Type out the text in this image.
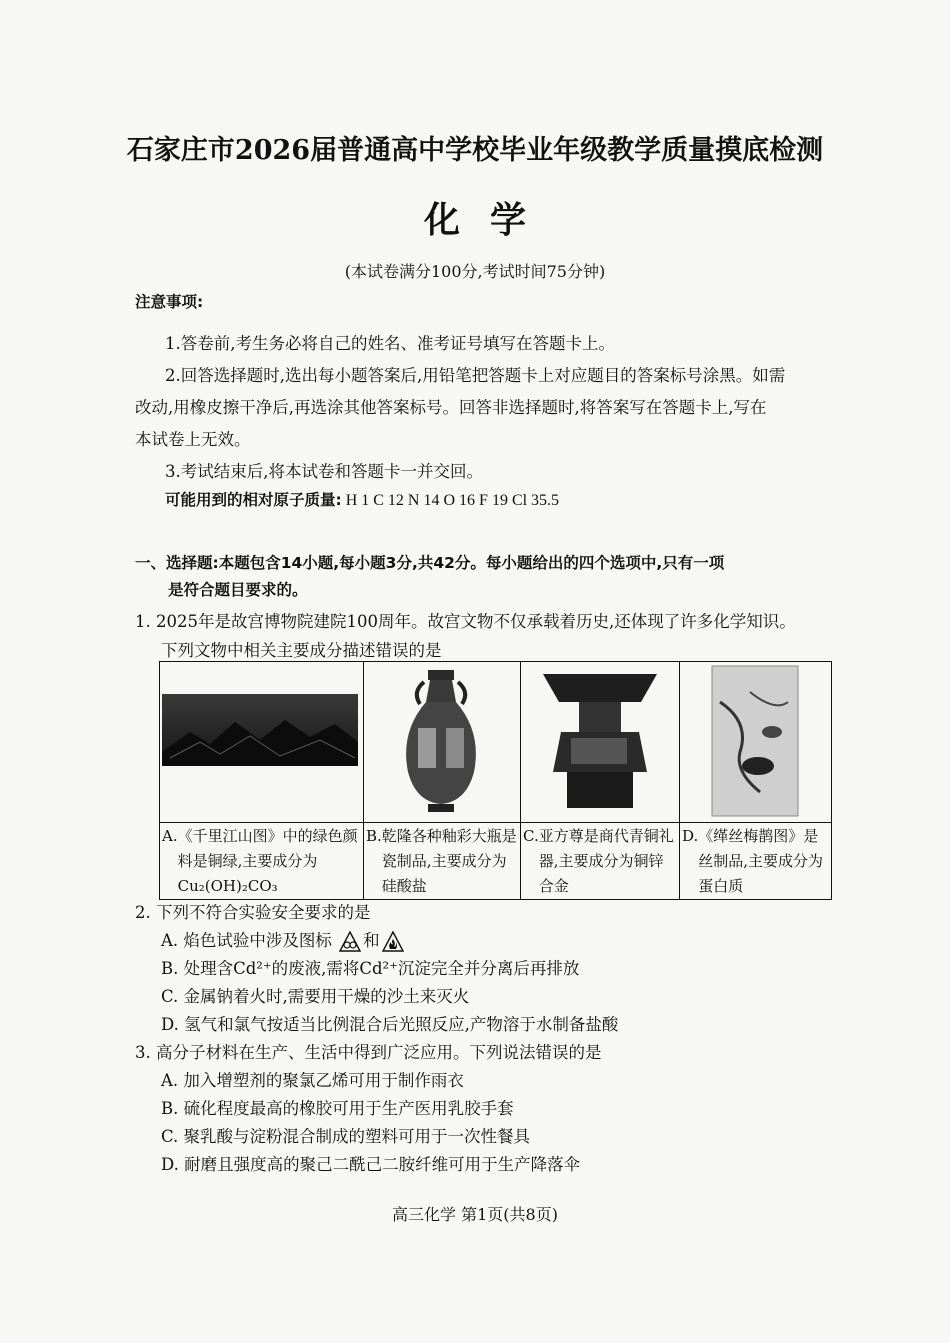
石家庄市2026届普通高中学校毕业年级教学质量摸底检测
化学
(本试卷满分100分,考试时间75分钟)
注意事项:
1.答卷前,考生务必将自己的姓名、准考证号填写在答题卡上。
2.回答选择题时,选出每小题答案后,用铅笔把答题卡上对应题目的答案标号涂黑。如需
改动,用橡皮擦干净后,再选涂其他答案标号。回答非选择题时,将答案写在答题卡上,写在
本试卷上无效。
3.考试结束后,将本试卷和答题卡一并交回。
可能用到的相对原子质量: H 1 C 12 N 14 O 16 F 19 Cl 35.5
一、选择题:本题包含14小题,每小题3分,共42分。每小题给出的四个选项中,只有一项
是符合题目要求的。
1. 2025年是故宫博物院建院100周年。故宫文物不仅承载着历史,还体现了许多化学知识。
下列文物中相关主要成分描述错误的是

A. 《千里江山图》中的绿色颜料是铜绿,主要成分为Cu₂(OH)₂CO₃	B. 乾隆各种釉彩大瓶是瓷制品,主要成分为硅酸盐	C. 亚方尊是商代青铜礼器,主要成分为铜锌合金	D. 《缂丝梅鹊图》是丝制品,主要成分为蛋白质
2. 下列不符合实验安全要求的是
A. 焰色试验中涉及图标 和
B. 处理含Cd²⁺的废液,需将Cd²⁺沉淀完全并分离后再排放
C. 金属钠着火时,需要用干燥的沙土来灭火
D. 氢气和氯气按适当比例混合后光照反应,产物溶于水制备盐酸
3. 高分子材料在生产、生活中得到广泛应用。下列说法错误的是
A. 加入增塑剂的聚氯乙烯可用于制作雨衣
B. 硫化程度最高的橡胶可用于生产医用乳胶手套
C. 聚乳酸与淀粉混合制成的塑料可用于一次性餐具
D. 耐磨且强度高的聚己二酰己二胺纤维可用于生产降落伞
高三化学 第1页(共8页)
